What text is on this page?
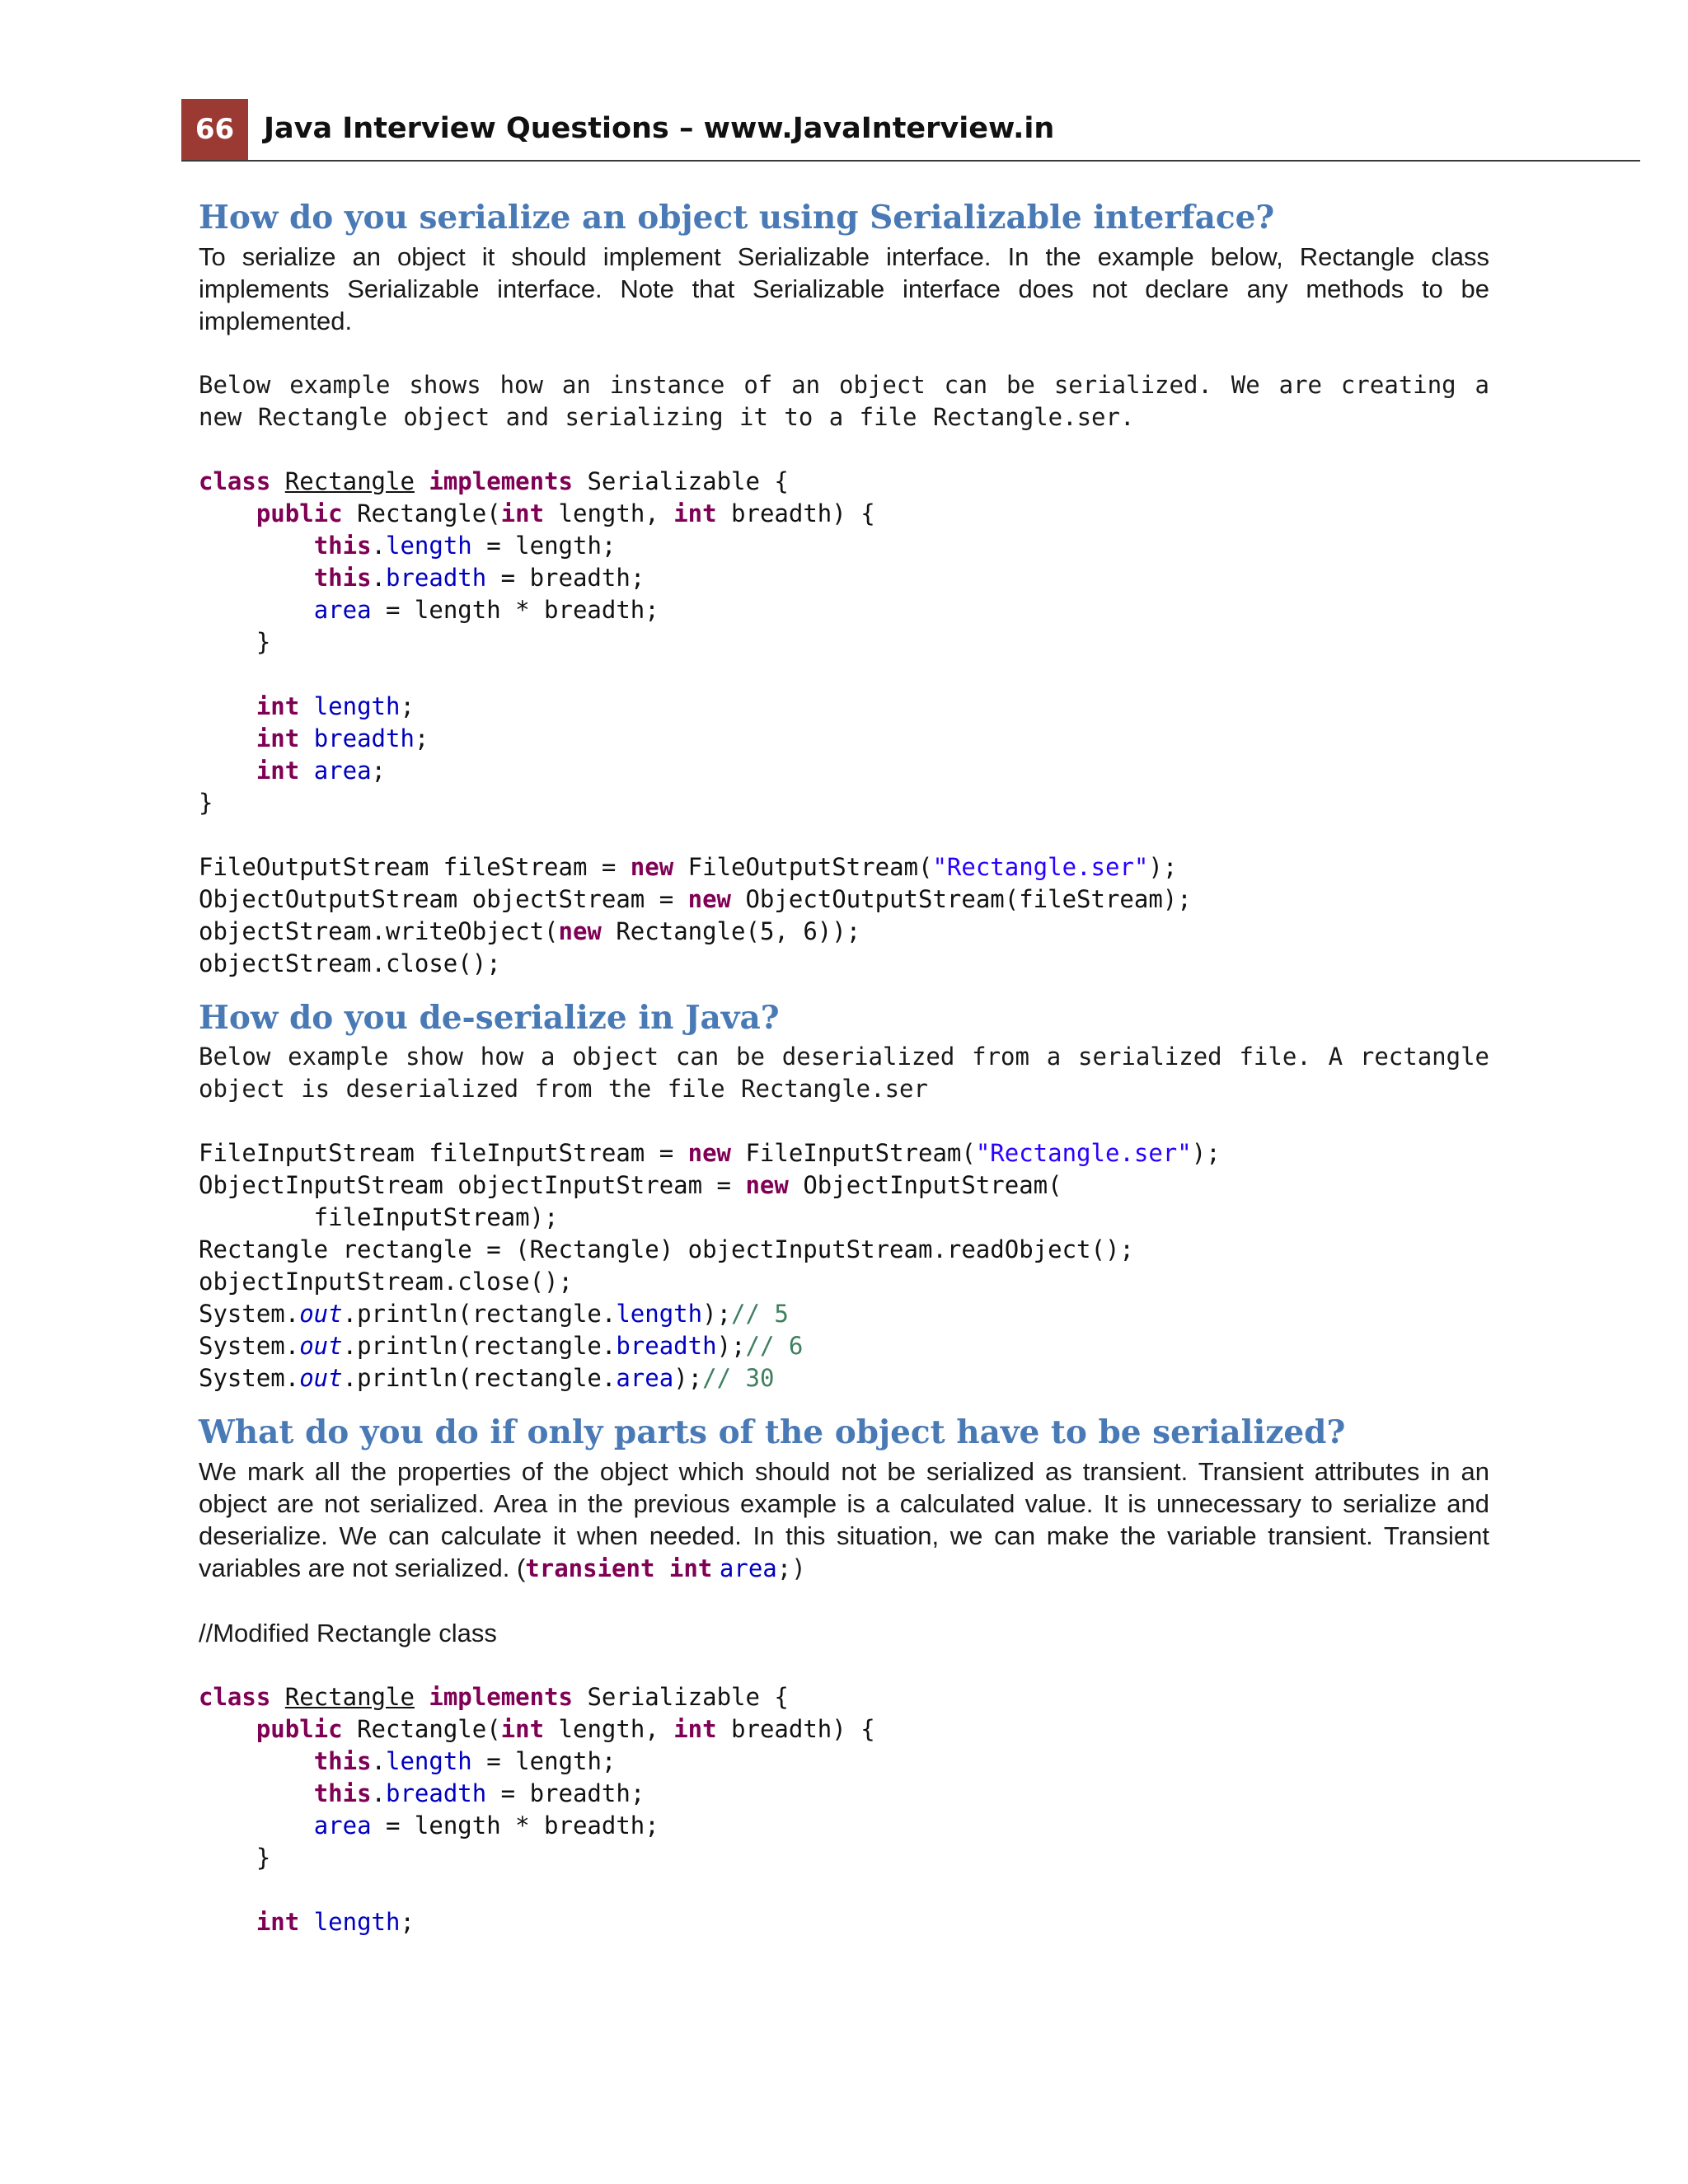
66	Java Interview Questions – www.JavaInterview.in
How do you serialize an object using Serializable interface?

To serialize an object it should implement Serializable interface. In the example below, Rectangle class implements Serializable interface. Note that Serializable interface does not declare any methods to be implemented.

Below example shows how an instance of an object can be serialized. We are creating a new Rectangle object and serializing it to a file Rectangle.ser.

class Rectangle implements Serializable {
public Rectangle(int length, int breadth) {
this.length = length;
this.breadth = breadth;
area = length * breadth;
}

int length;
int breadth;
int area;
}

FileOutputStream fileStream = new FileOutputStream("Rectangle.ser");
ObjectOutputStream objectStream = new ObjectOutputStream(fileStream);
objectStream.writeObject(new Rectangle(5, 6));
objectStream.close();
How do you de-serialize in Java?

Below example show how a object can be deserialized from a serialized file. A rectangle object is deserialized from the file Rectangle.ser

FileInputStream fileInputStream = new FileInputStream("Rectangle.ser");
ObjectInputStream objectInputStream = new ObjectInputStream(
fileInputStream);
Rectangle rectangle = (Rectangle) objectInputStream.readObject();
objectInputStream.close();
System.out.println(rectangle.length);// 5
System.out.println(rectangle.breadth);// 6
System.out.println(rectangle.area);// 30
What do you do if only parts of the object have to be serialized?

We mark all the properties of the object which should not be serialized as transient. Transient attributes in an object are not serialized. Area in the previous example is a calculated value. It is unnecessary to serialize and deserialize. We can calculate it when needed. In this situation, we can make the variable transient. Transient variables are not serialized. (transient int area;)

//Modified Rectangle class

class Rectangle implements Serializable {
public Rectangle(int length, int breadth) {
this.length = length;
this.breadth = breadth;
area = length * breadth;
}

int length;
